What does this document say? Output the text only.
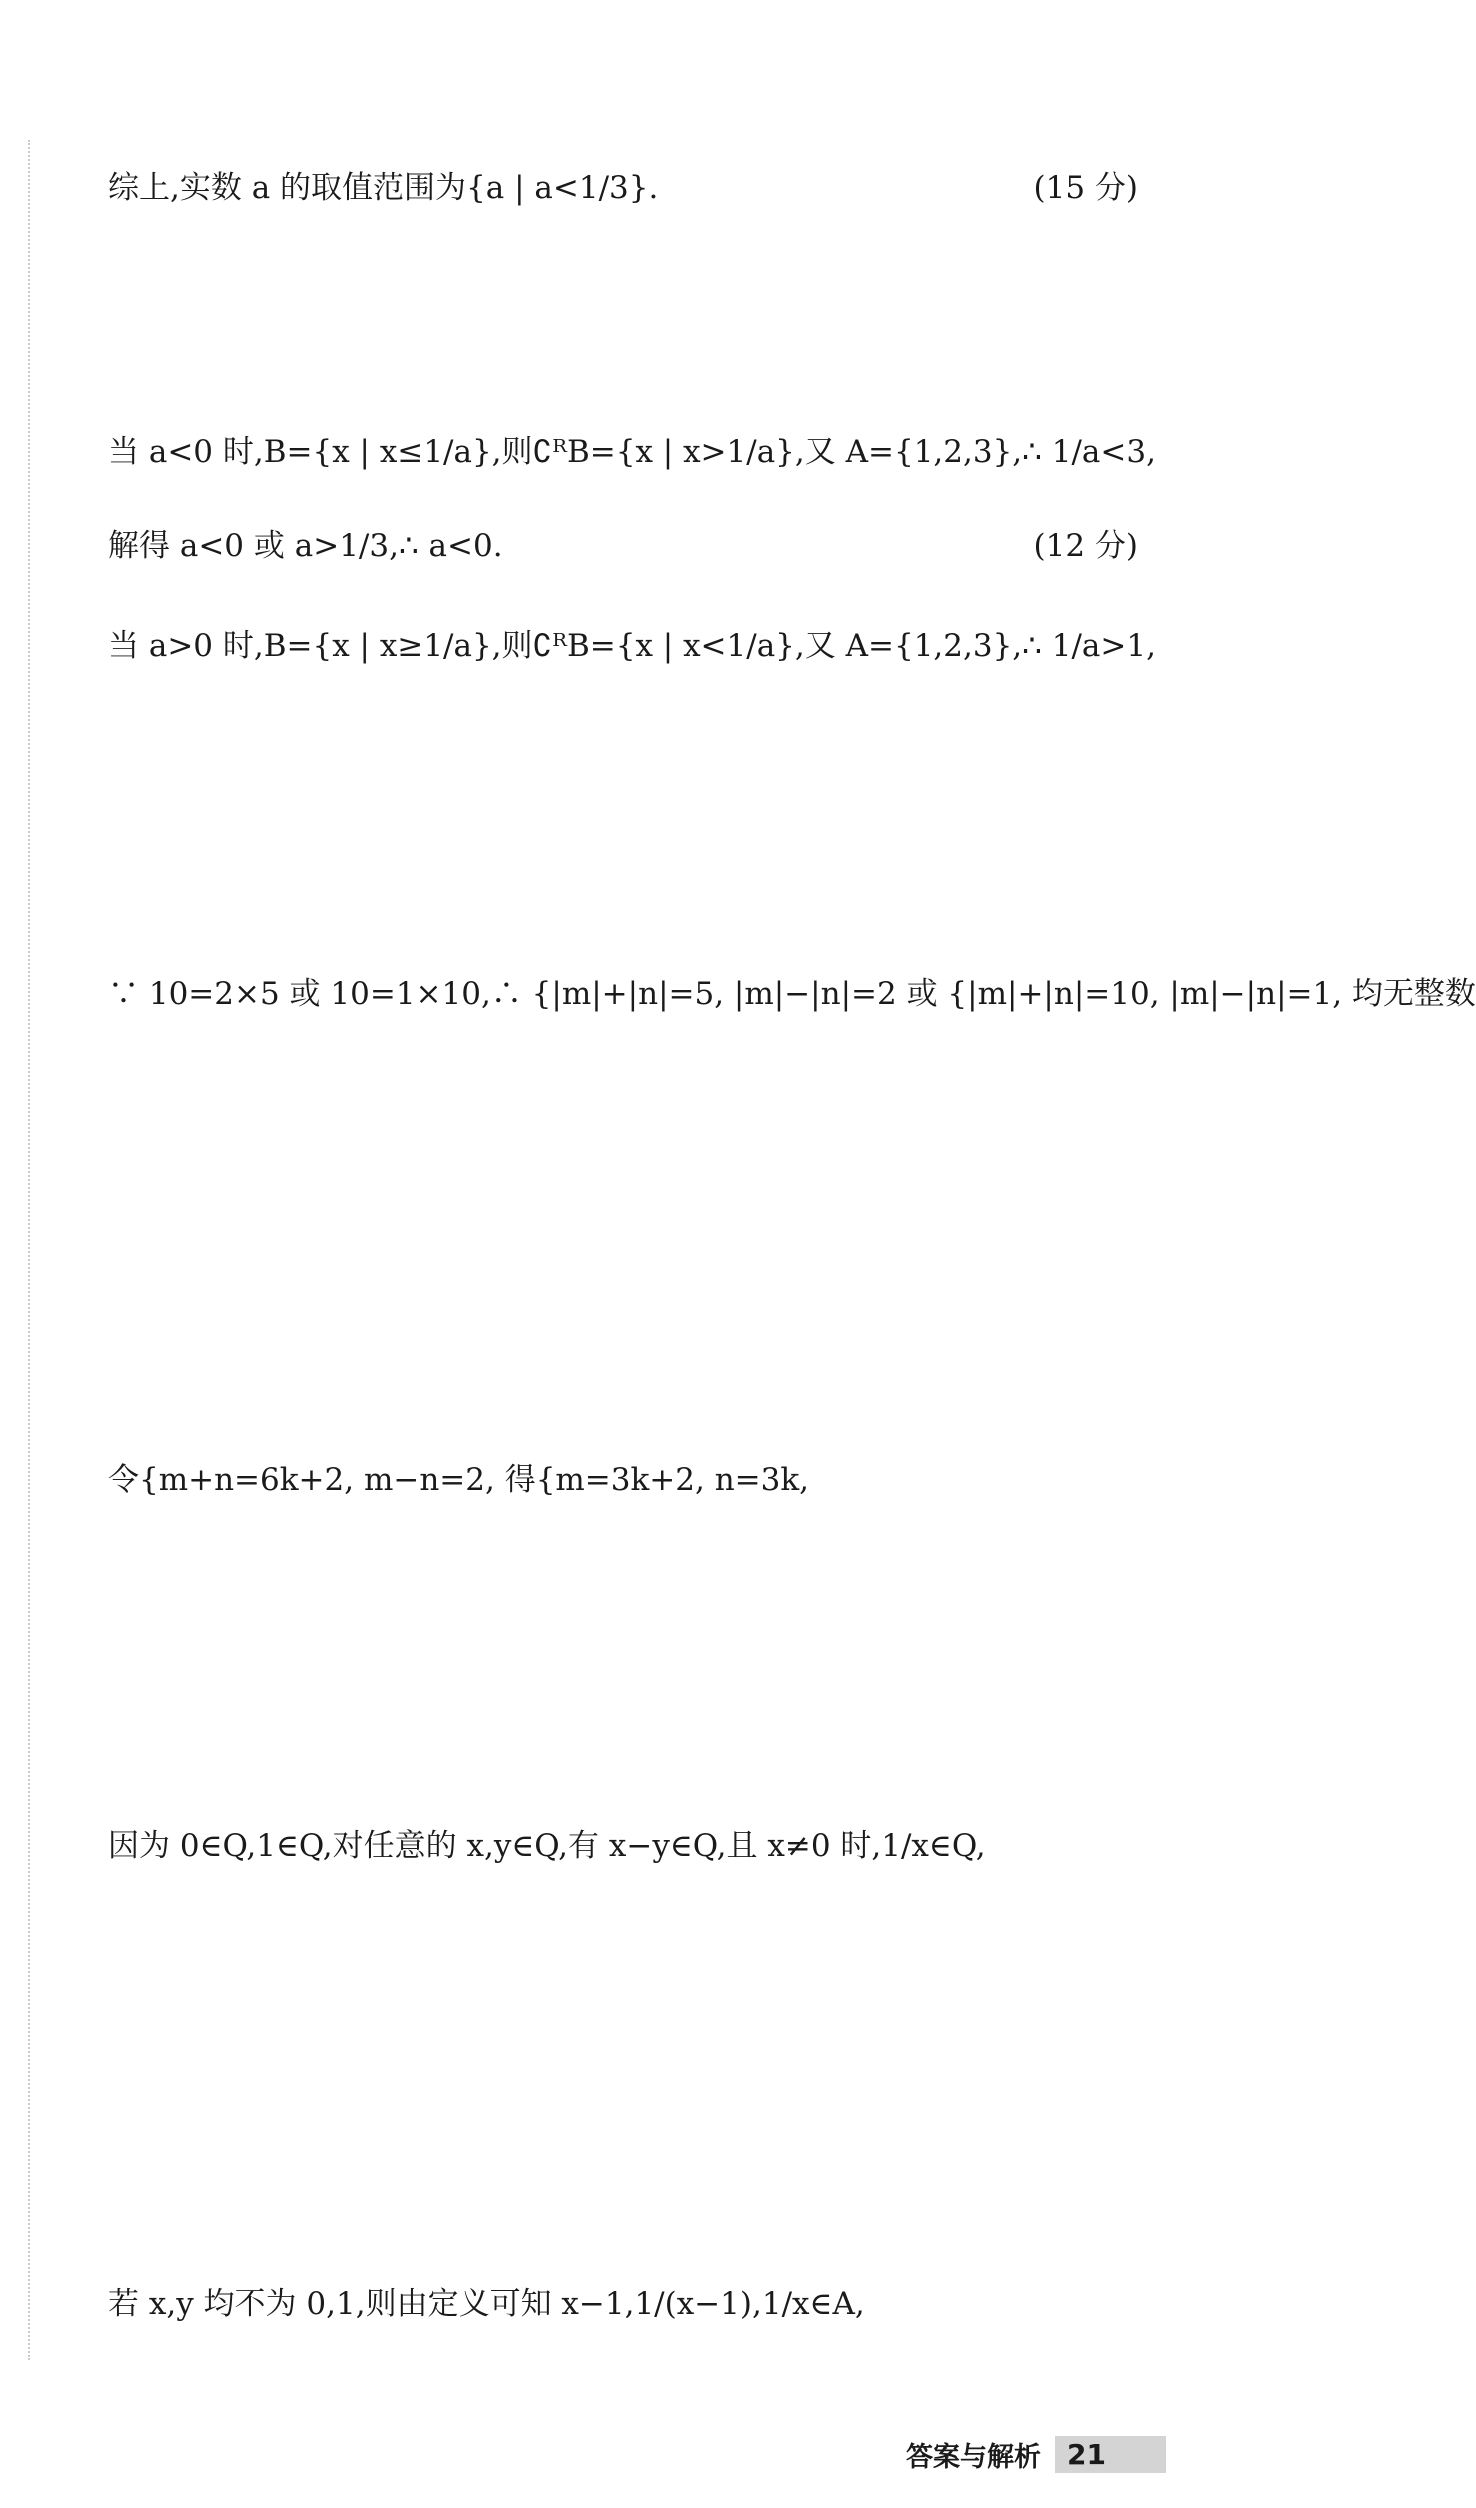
综上,实数 a 的取值范围为{a | a<1/3}.	(15 分)
当 a<0 时,B={x | x≤1/a},则∁ᴿB={x | x>1/a},又 A={1,2,3},∴ 1/a<3,
解得 a<0 或 a>1/3,∴ a<0.	(12 分)
当 a>0 时,B={x | x≥1/a},则∁ᴿB={x | x<1/a},又 A={1,2,3},∴ 1/a>1,
∵ 10=2×5 或 10=1×10,∴ {|m|+|n|=5, |m|−|n|=2 或 {|m|+|n|=10, |m|−|n|=1, 均无整数
令{m+n=6k+2, m−n=2, 得{m=3k+2, n=3k,
因为 0∈Q,1∈Q,对任意的 x,y∈Q,有 x−y∈Q,且 x≠0 时,1/x∈Q,
若 x,y 均不为 0,1,则由定义可知 x−1,1/(x−1),1/x∈A,
答案与解析 21
